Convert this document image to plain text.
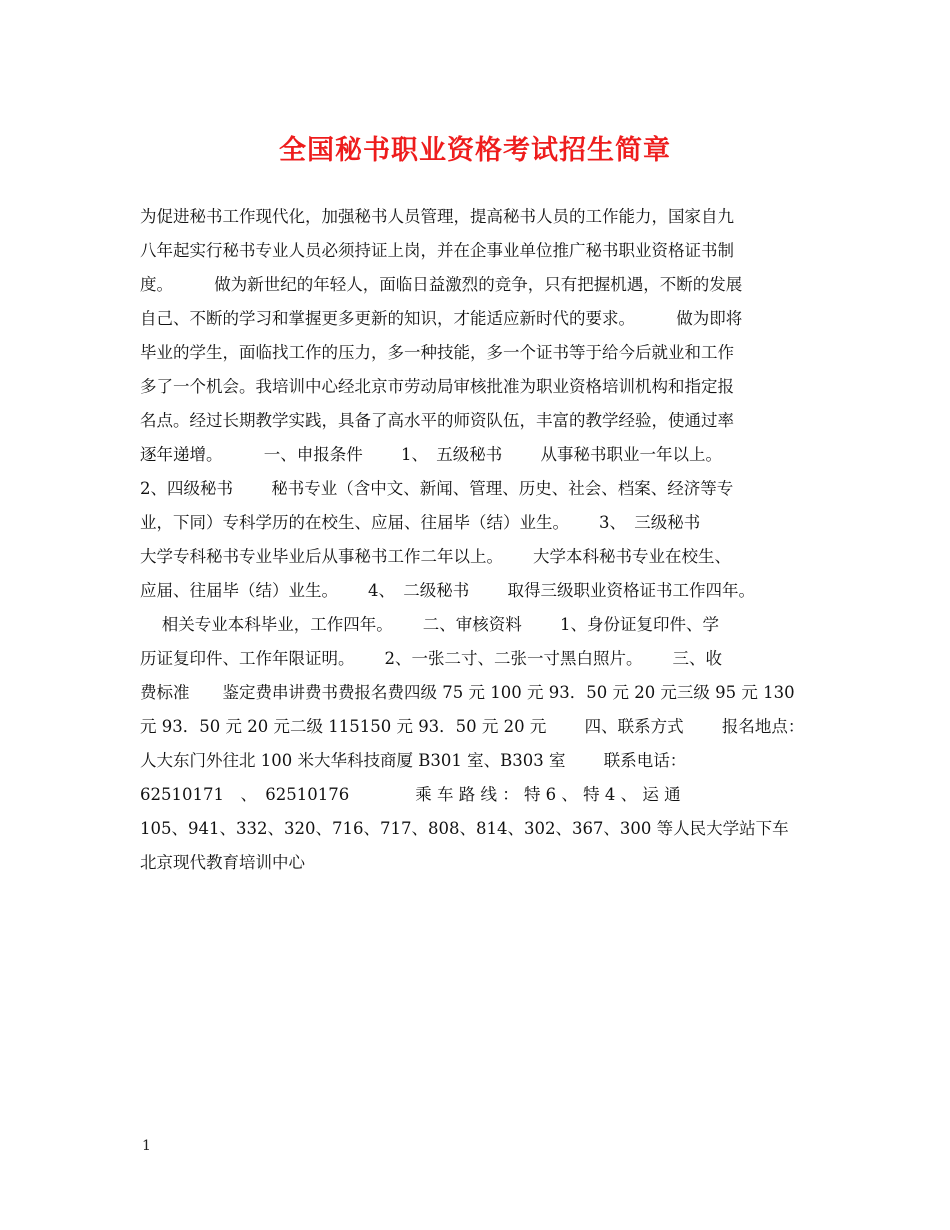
全国秘书职业资格考试招生简章
为促进秘书工作现代化，加强秘书人员管理，提高秘书人员的工作能力，国家自九
八年起实行秘书专业人员必须持证上岗，并在企事业单位推广秘书职业资格证书制
度。　　　做为新世纪的年轻人，面临日益激烈的竞争，只有把握机遇，不断的发展
自己、不断的学习和掌握更多更新的知识，才能适应新时代的要求。　　　做为即将
毕业的学生，面临找工作的压力，多一种技能，多一个证书等于给今后就业和工作
多了一个机会。我培训中心经北京市劳动局审核批准为职业资格培训机构和指定报
名点。经过长期教学实践，具备了高水平的师资队伍，丰富的教学经验，使通过率
逐年递增。　　　一、申报条件　　 1、　五级秘书　　 从事秘书职业一年以上。
2、四级秘书　　 秘书专业（含中文、新闻、管理、历史、社会、档案、经济等专
业，下同）专科学历的在校生、应届、往届毕（结）业生。　　 3、　三级秘书
大学专科秘书专业毕业后从事秘书工作二年以上。　　 大学本科秘书专业在校生、
应届、往届毕（结）业生。　　 4、　二级秘书　　 取得三级职业资格证书工作四年。
　 相关专业本科毕业，工作四年。　　 二、审核资料　　 1、身份证复印件、学
历证复印件、工作年限证明。　　 2、一张二寸、二张一寸黑白照片。　　 三、收
费标准　　鉴定费串讲费书费报名费四级 75 元 100 元 93．50 元 20 元三级 95 元 130
元 93．50 元 20 元二级 115150 元 93．50 元 20 元　　 四、联系方式　　 报名地点：
人大东门外往北 100 米大华科技商厦 B301 室、B303 室　　 联系电话：
62510171　、　62510176　　　　乘 车 路 线 ： 特 6 、 特 4 、 运 通
105、941、332、320、716、717、808、814、302、367、300 等人民大学站下车
北京现代教育培训中心
1
